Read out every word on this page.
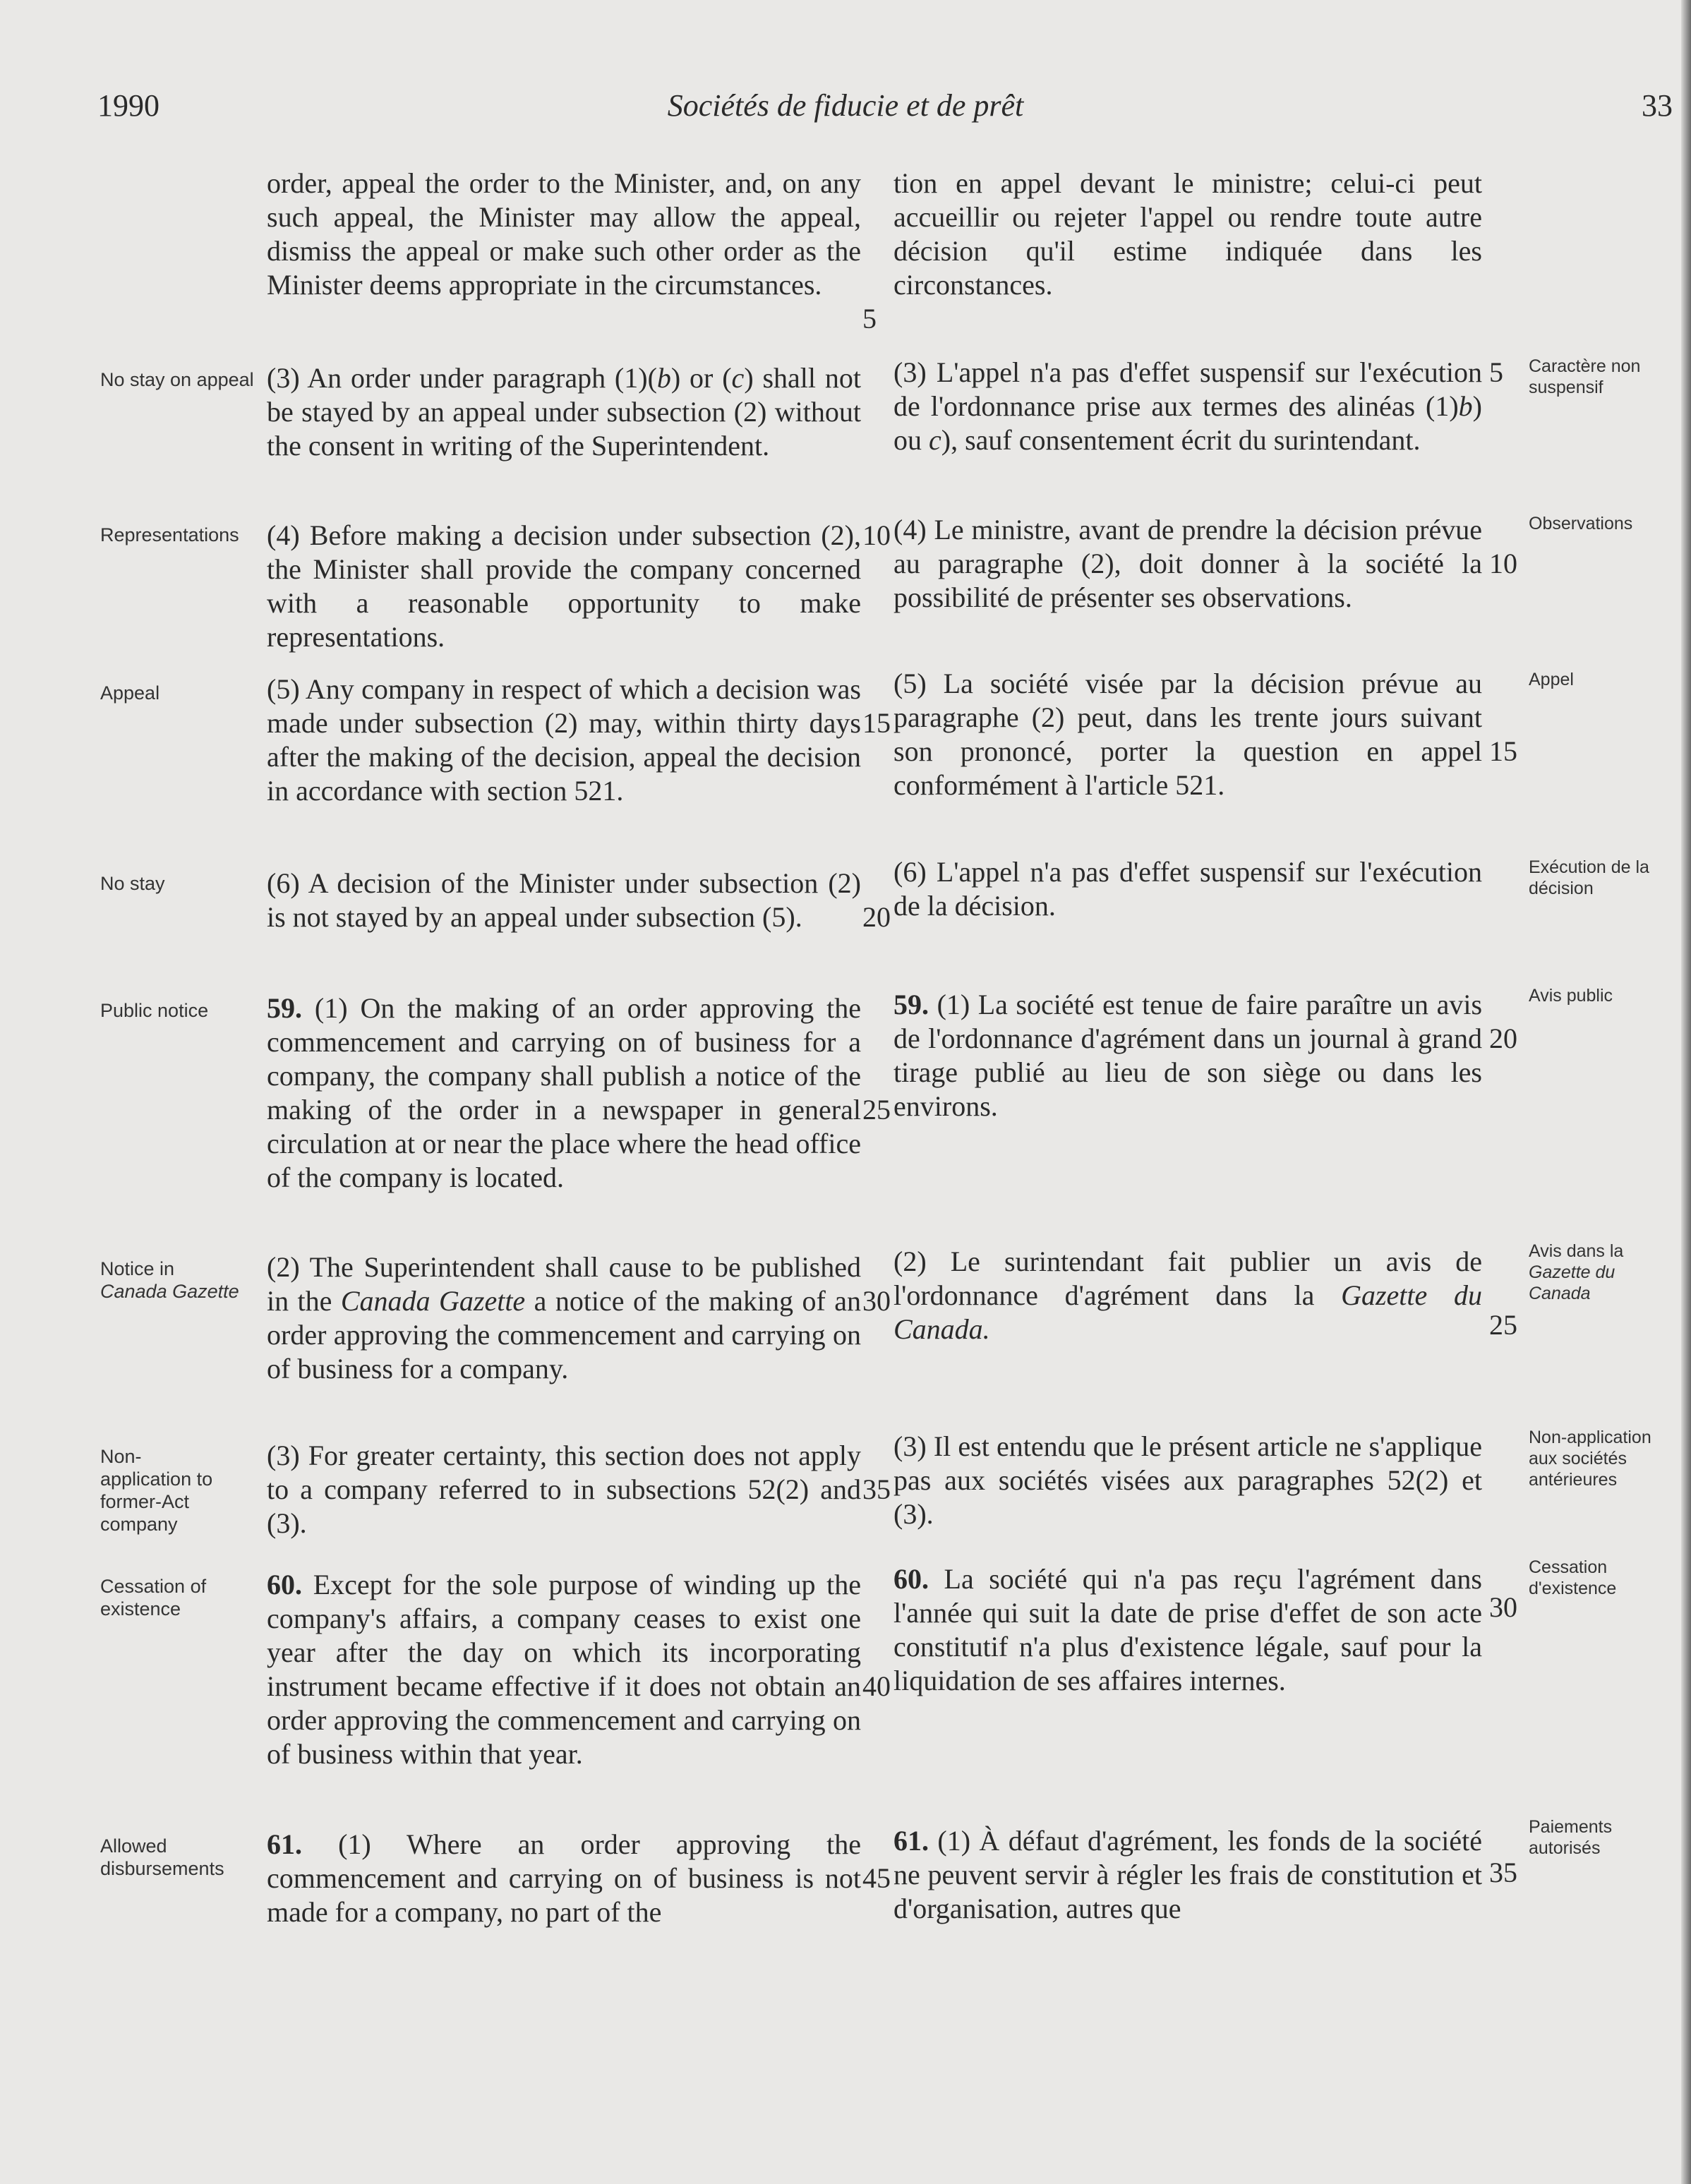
1990	Sociétés de fiducie et de prêt	33

order, appeal the order to the Minister, and, on any such appeal, the Minister may allow the appeal, dismiss the appeal or make such other order as the Minister deems appropriate in the circumstances.

(3) An order under paragraph (1)(b) or (c) shall not be stayed by an appeal under subsection (2) without the consent in writing of the Superintendent.

(4) Before making a decision under subsection (2), the Minister shall provide the company concerned with a reasonable opportunity to make representations.

(5) Any company in respect of which a decision was made under subsection (2) may, within thirty days after the making of the decision, appeal the decision in accordance with section 521.

(6) A decision of the Minister under subsection (2) is not stayed by an appeal under subsection (5).

59. (1) On the making of an order approving the commencement and carrying on of business for a company, the company shall publish a notice of the making of the order in a newspaper in general circulation at or near the place where the head office of the company is located.

(2) The Superintendent shall cause to be published in the Canada Gazette a notice of the making of an order approving the commencement and carrying on of business for a company.

(3) For greater certainty, this section does not apply to a company referred to in subsections 52(2) and (3).

60. Except for the sole purpose of winding up the company's affairs, a company ceases to exist one year after the day on which its incorporating instrument became effective if it does not obtain an order approving the commencement and carrying on of business within that year.

61. (1) Where an order approving the commencement and carrying on of business is not made for a company, no part of the

tion en appel devant le ministre; celui-ci peut accueillir ou rejeter l'appel ou rendre toute autre décision qu'il estime indiquée dans les circonstances.

(3) L'appel n'a pas d'effet suspensif sur l'exécution de l'ordonnance prise aux termes des alinéas (1)b) ou c), sauf consentement écrit du surintendant.

(4) Le ministre, avant de prendre la décision prévue au paragraphe (2), doit donner à la société la possibilité de présenter ses observations.

(5) La société visée par la décision prévue au paragraphe (2) peut, dans les trente jours suivant son prononcé, porter la question en appel conformément à l'article 521.

(6) L'appel n'a pas d'effet suspensif sur l'exécution de la décision.

59. (1) La société est tenue de faire paraître un avis de l'ordonnance d'agrément dans un journal à grand tirage publié au lieu de son siège ou dans les environs.

(2) Le surintendant fait publier un avis de l'ordonnance d'agrément dans la Gazette du Canada.

(3) Il est entendu que le présent article ne s'applique pas aux sociétés visées aux paragraphes 52(2) et (3).

60. La société qui n'a pas reçu l'agrément dans l'année qui suit la date de prise d'effet de son acte constitutif n'a plus d'existence légale, sauf pour la liquidation de ses affaires internes.

61. (1) À défaut d'agrément, les fonds de la société ne peuvent servir à régler les frais de constitution et d'organisation, autres que

5
10
15
20
25
30
35
40
45
5
10
15
20
25
30
35
No stay on appeal
Representations
Appeal
No stay
Public notice
Notice in
Canada Gazette
Non-application to former-Act company
Cessation of existence
Allowed disbursements
Caractère non suspensif
Observations
Appel
Exécution de la décision
Avis public
Avis dans la
Gazette du Canada
Non-application aux sociétés antérieures
Cessation d'existence
Paiements autorisés
